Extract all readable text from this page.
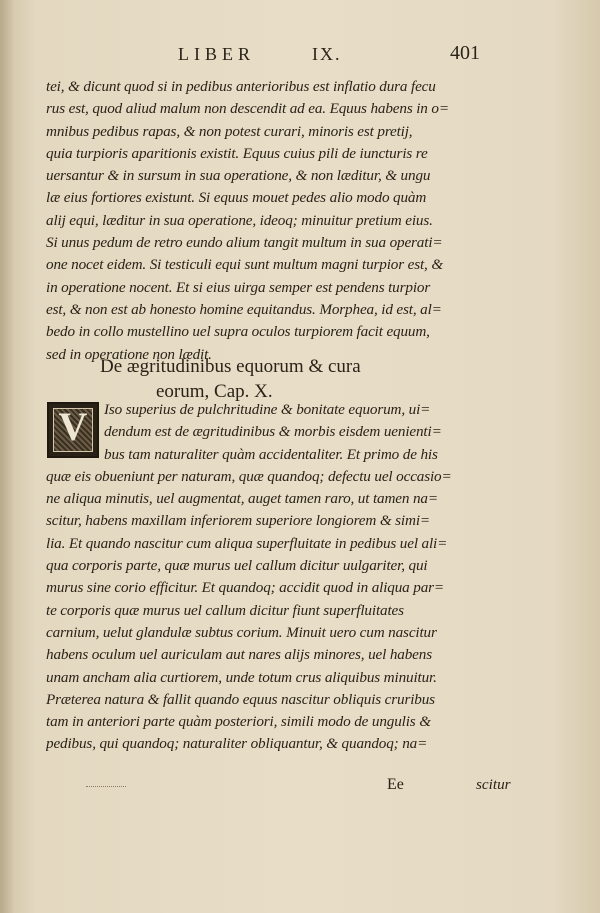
LIBER	IX.	401
tei, & dicunt quod si in pedibus anterioribus est inflatio dura fecu
rus est, quod aliud malum non descendit ad ea. Equus habens in o=
mnibus pedibus rapas, & non potest curari, minoris est pretij,
quia turpioris aparitionis existit. Equus cuius pili de iuncturis re
uersantur & in sursum in sua operatione, & non læditur, & ungu
læ eius fortiores existunt. Si equus mouet pedes alio modo quàm
alij equi, læditur in sua operatione, ideoq; minuitur pretium eius.
Si unus pedum de retro eundo alium tangit multum in sua operati=
one nocet eidem. Si testiculi equi sunt multum magni turpior est, &
in operatione nocent. Et si eius uirga semper est pendens turpior
est, & non est ab honesto homine equitandus. Morphea, id est, al=
bedo in collo mustellino uel supra oculos turpiorem facit equum,
sed in operatione non lædit.
De ægritudinibus equorum & cura
eorum, Cap. X.
V	Iso superius de pulchritudine & bonitate equorum, ui=
dendum est de ægritudinibus & morbis eisdem uenienti=
bus tam naturaliter quàm accidentaliter. Et primo de his
quæ eis obueniunt per naturam, quæ quandoq; defectu uel occasio=
ne aliqua minutis, uel augmentat, auget tamen raro, ut tamen na=
scitur, habens maxillam inferiorem superiore longiorem & simi=
lia. Et quando nascitur cum aliqua superfluitate in pedibus uel ali=
qua corporis parte, quæ murus uel callum dicitur uulgariter, qui
murus sine corio efficitur. Et quandoq; accidit quod in aliqua par=
te corporis quæ murus uel callum dicitur fiunt superfluitates
carnium, uelut glandulæ subtus corium. Minuit uero cum nascitur
habens oculum uel auriculam aut nares alijs minores, uel habens
unam ancham alia curtiorem, unde totum crus aliquibus minuitur.
Præterea natura & fallit quando equus nascitur obliquis cruribus
tam in anteriori parte quàm posteriori, simili modo de ungulis &
pedibus, qui quandoq; naturaliter obliquantur, & quandoq; na=
Ee	scitur
